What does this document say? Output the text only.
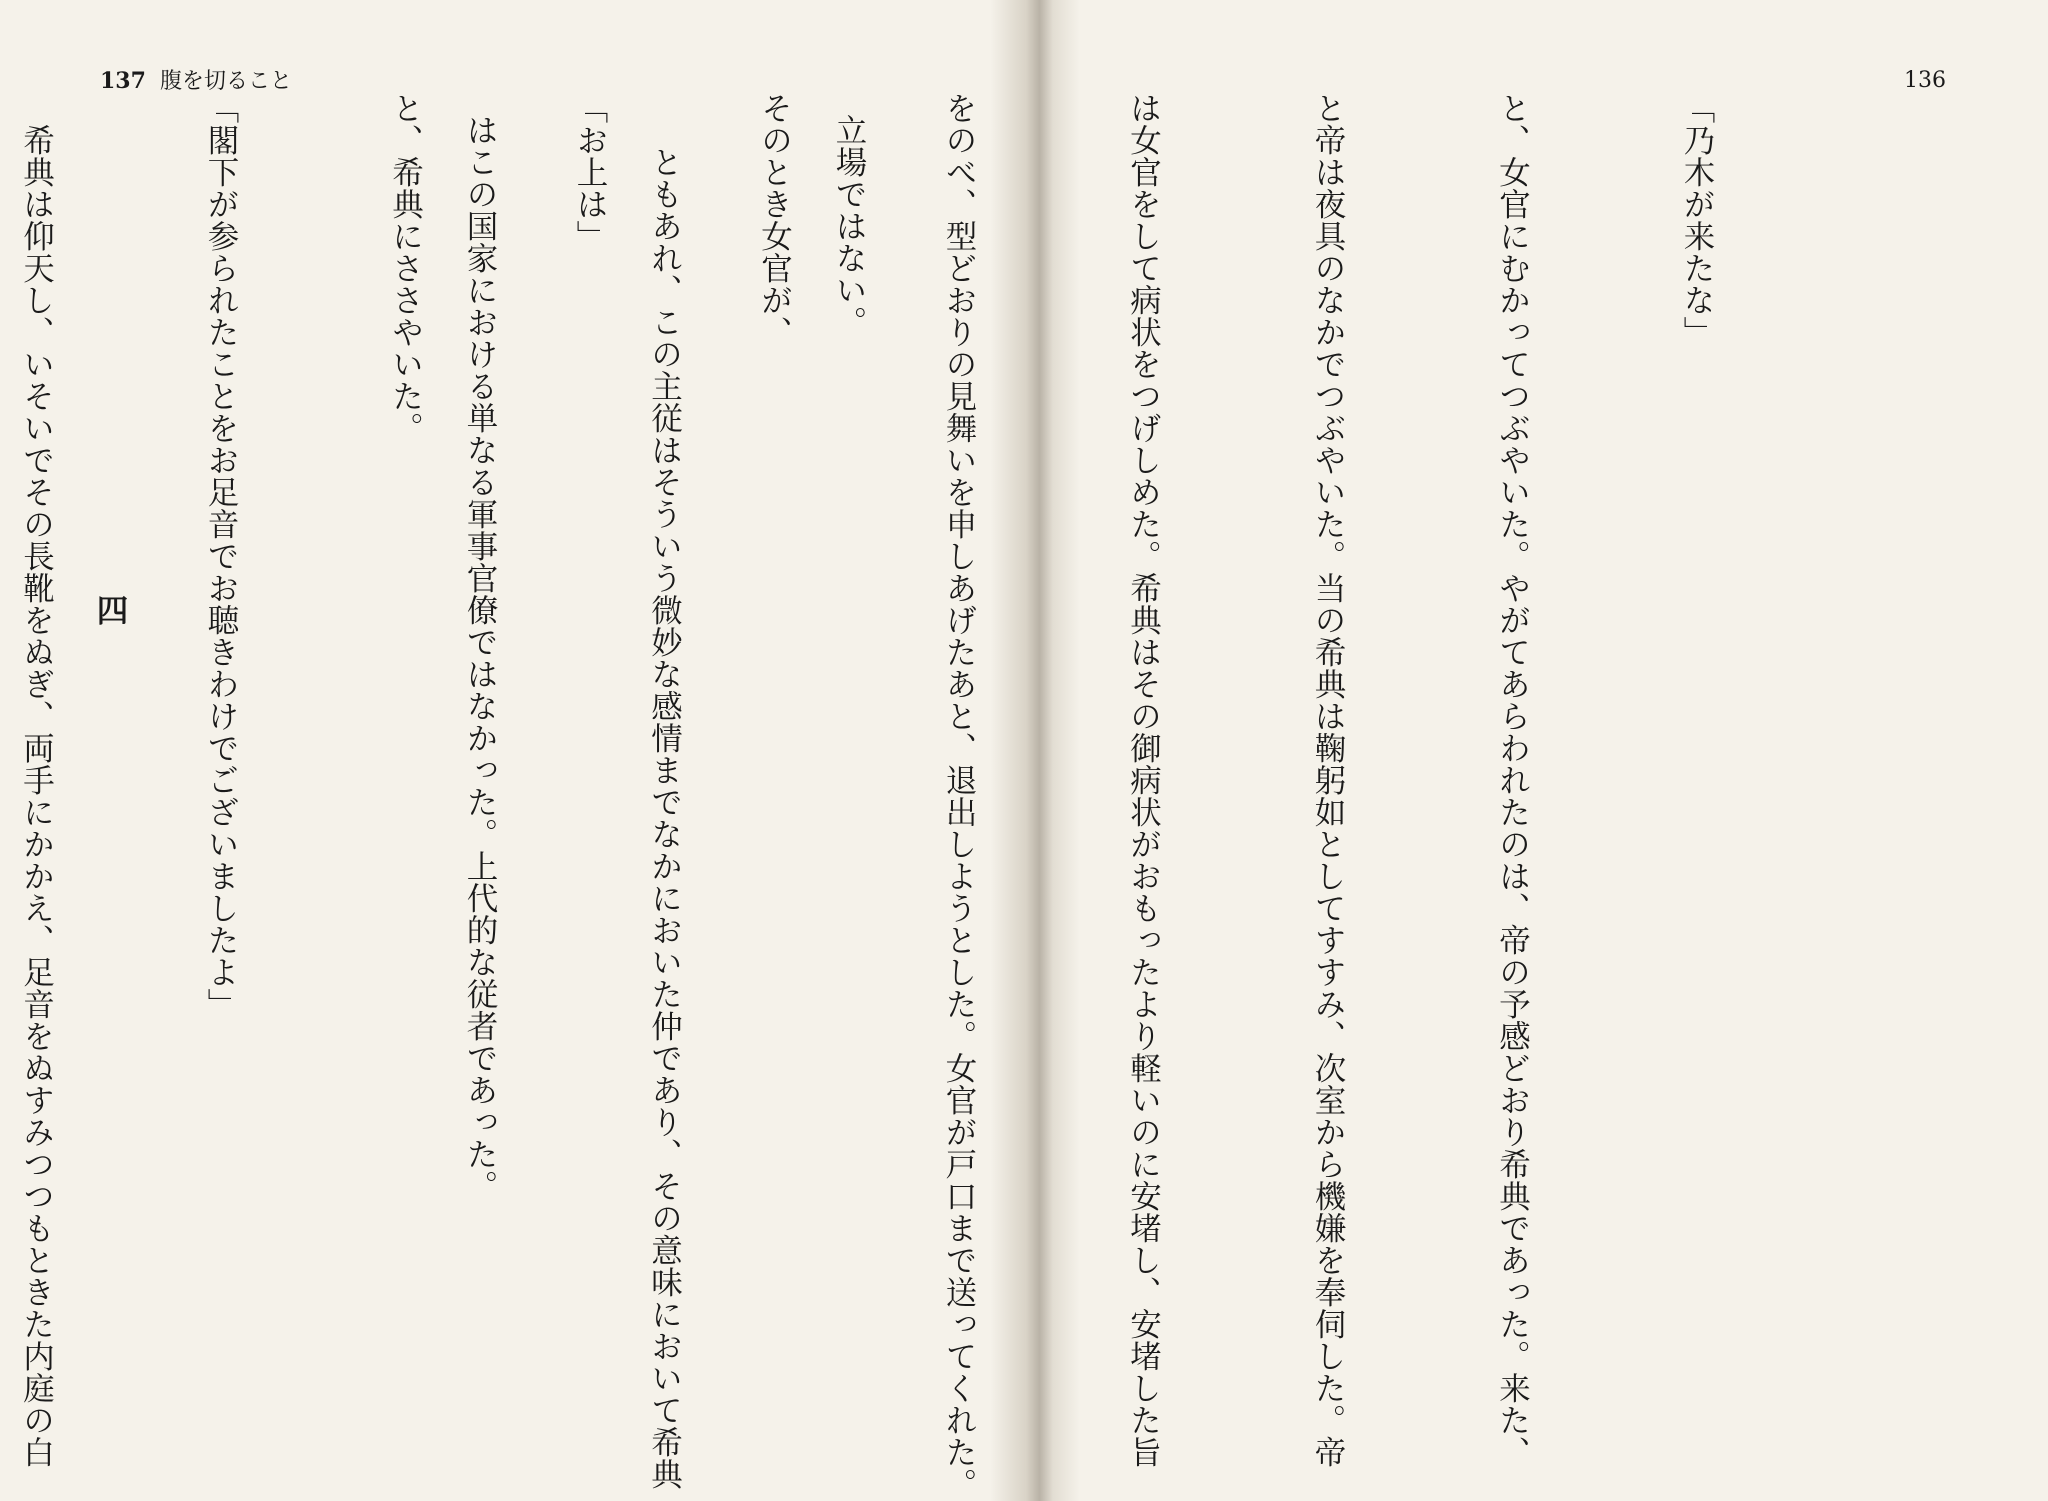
137 腹を切ること	136

立場ではない。

　ともあれ、この主従はそういう微妙な感情までなかにおいた仲であり、その意味において希典

はこの国家における単なる軍事官僚ではなかった。上代的な従者であった。

四

「乃木が来たな」

と、女官にむかってつぶやいた。やがてあらわれたのは、帝の予感どおり希典であった。来た、

と帝は夜具のなかでつぶやいた。当の希典は鞠躬如としてすすみ、次室から機嫌を奉伺した。帝

は女官をして病状をつげしめた。希典はその御病状がおもったより軽いのに安堵し、安堵した旨

をのべ、型どおりの見舞いを申しあげたあと、退出しようとした。女官が戸口まで送ってくれた。

そのとき女官が、

「お上は」

と、希典にささやいた。

「閣下が参られたことをお足音でお聴きわけでございましたよ」

　希典は仰天し、いそいでその長靴をぬぎ、両手にかかえ、足音をぬすみつつもときた内庭の白
